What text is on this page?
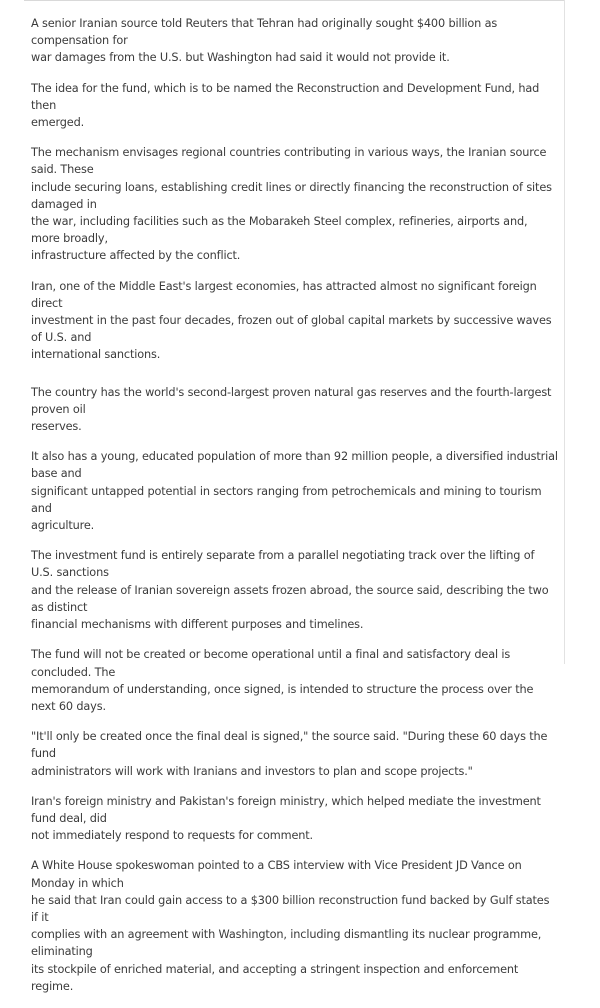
A senior Iranian source told Reuters that Tehran had originally sought $400 billion as compensation for
war damages from the U.S. but Washington had said it would not provide it.

The idea for the fund, which is to be named the Reconstruction and Development Fund, had then
emerged.

The mechanism envisages regional countries contributing in various ways, the Iranian source said. These
include securing loans, establishing credit lines or directly financing the reconstruction of sites damaged in
the war, including facilities such as the Mobarakeh Steel complex, refineries, airports and, more broadly,
infrastructure affected by the conflict.

Iran, one of the Middle East's largest economies, has attracted almost no significant foreign direct
investment in the past four decades, frozen out of global capital markets by successive waves of U.S. and
international sanctions.

The country has the world's second-largest proven natural gas reserves and the fourth-largest proven oil
reserves.

It also has a young, educated population of more than 92 million people, a diversified industrial base and
significant untapped potential in sectors ranging from petrochemicals and mining to tourism and
agriculture.

The investment fund is entirely separate from a parallel negotiating track over the lifting of U.S. sanctions
and the release of Iranian sovereign assets frozen abroad, the source said, describing the two as distinct
financial mechanisms with different purposes and timelines.

The fund will not be created or become operational until a final and satisfactory deal is concluded. The
memorandum of understanding, once signed, is intended to structure the process over the next 60 days.

"It'll only be created once the final deal is signed," the source said. "During these 60 days the fund
administrators will work with Iranians and investors to plan and scope projects."

Iran's foreign ministry and Pakistan's foreign ministry, which helped mediate the investment fund deal, did
not immediately respond to requests for comment.

A White House spokeswoman pointed to a CBS interview with Vice President JD Vance on Monday in which
he said that Iran could gain access to a $300 billion reconstruction fund backed by Gulf states if it
complies with an agreement with Washington, including dismantling its nuclear programme, eliminating
its stockpile of enriched material, and accepting a stringent inspection and enforcement regime.
